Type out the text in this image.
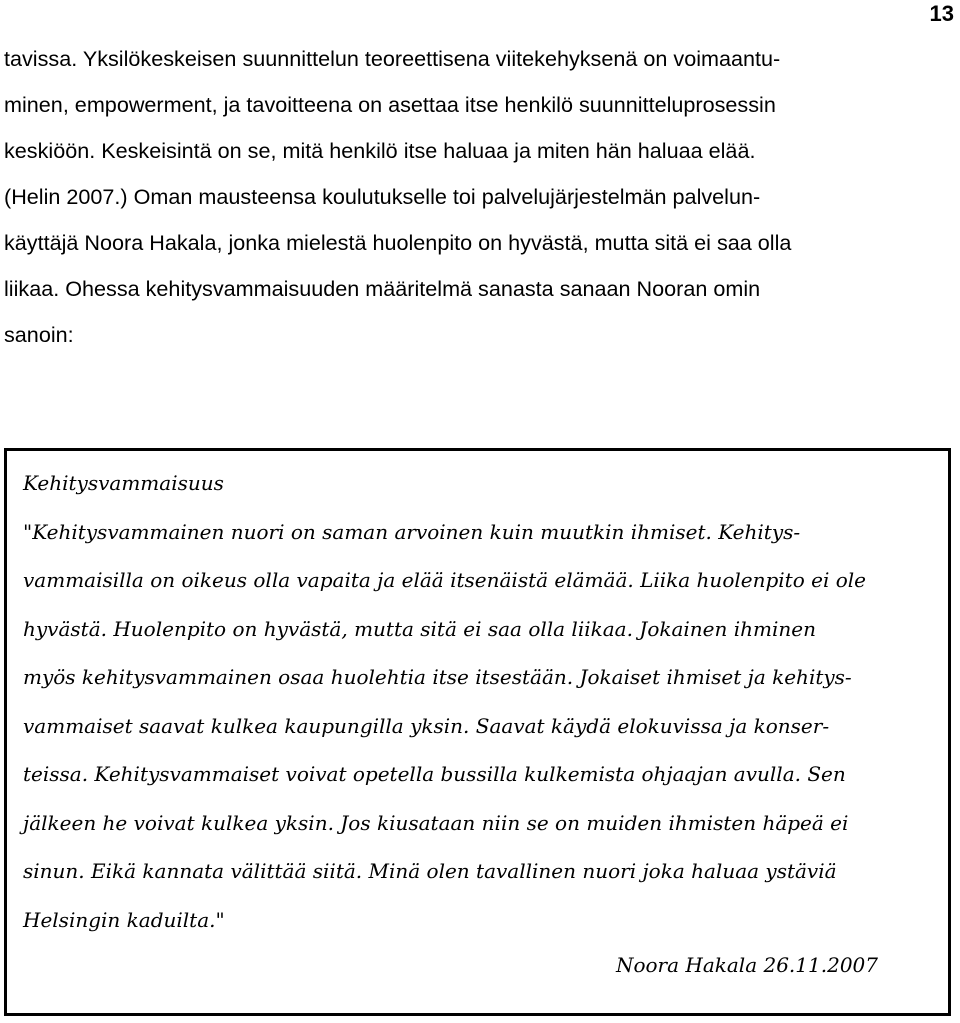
13

tavissa. Yksilökeskeisen suunnittelun teoreettisena viitekehyksenä on voimaantu-
minen, empowerment, ja tavoitteena on asettaa itse henkilö suunnitteluprosessin
keskiöön. Keskeisintä on se, mitä henkilö itse haluaa ja miten hän haluaa elää.
(Helin 2007.) Oman mausteensa koulutukselle toi palvelujärjestelmän palvelun-
käyttäjä Noora Hakala, jonka mielestä huolenpito on hyvästä, mutta sitä ei saa olla
liikaa. Ohessa kehitysvammaisuuden määritelmä sanasta sanaan Nooran omin
sanoin:

Kehitysvammaisuus
"Kehitysvammainen nuori on saman arvoinen kuin muutkin ihmiset. Kehitys-
vammaisilla on oikeus olla vapaita ja elää itsenäistä elämää. Liika huolenpito ei ole
hyvästä. Huolenpito on hyvästä, mutta sitä ei saa olla liikaa. Jokainen ihminen
myös kehitysvammainen osaa huolehtia itse itsestään. Jokaiset ihmiset ja kehitys-
vammaiset saavat kulkea kaupungilla yksin. Saavat käydä elokuvissa ja konser-
teissa. Kehitysvammaiset voivat opetella bussilla kulkemista ohjaajan avulla. Sen
jälkeen he voivat kulkea yksin. Jos kiusataan niin se on muiden ihmisten häpeä ei
sinun. Eikä kannata välittää siitä. Minä olen tavallinen nuori joka haluaa ystäviä
Helsingin kaduilta."
Noora Hakala 26.11.2007
